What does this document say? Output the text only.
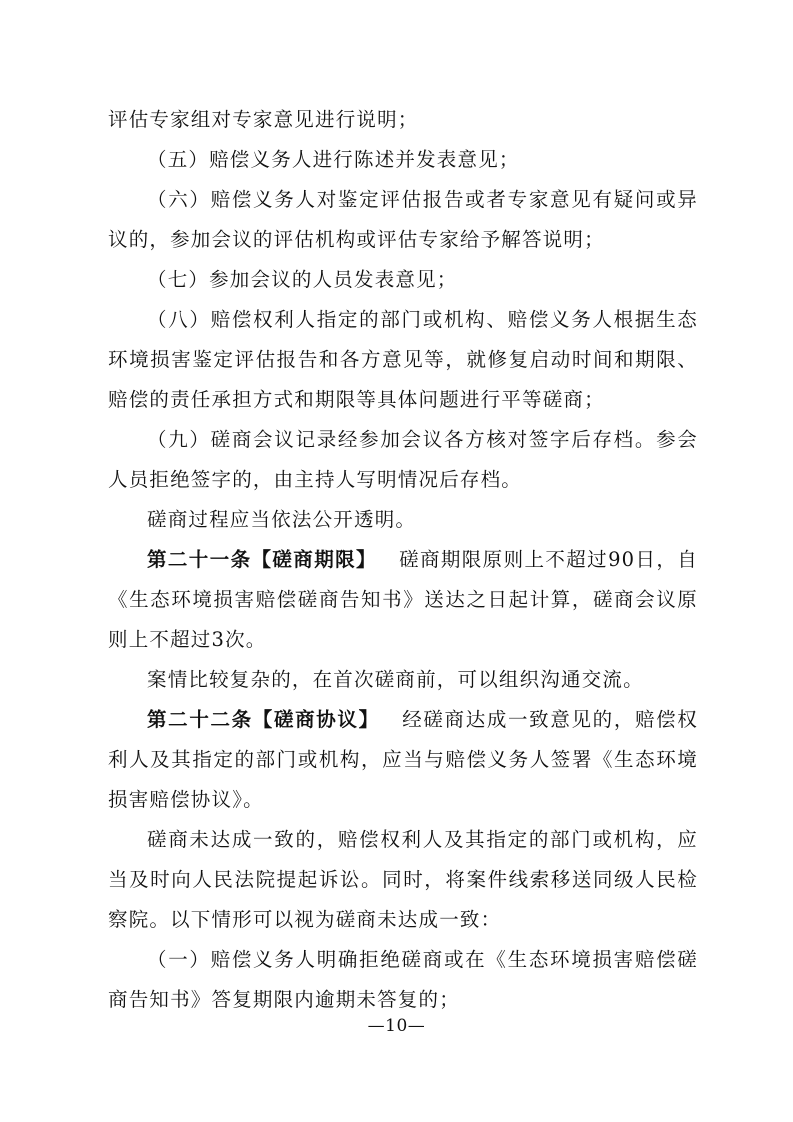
评估专家组对专家意见进行说明；

（五）赔偿义务人进行陈述并发表意见；

（六）赔偿义务人对鉴定评估报告或者专家意见有疑问或异议的，参加会议的评估机构或评估专家给予解答说明；

（七）参加会议的人员发表意见；

（八）赔偿权利人指定的部门或机构、赔偿义务人根据生态环境损害鉴定评估报告和各方意见等，就修复启动时间和期限、赔偿的责任承担方式和期限等具体问题进行平等磋商；

（九）磋商会议记录经参加会议各方核对签字后存档。参会人员拒绝签字的，由主持人写明情况后存档。

磋商过程应当依法公开透明。

第二十一条【磋商期限】 磋商期限原则上不超过90日，自《生态环境损害赔偿磋商告知书》送达之日起计算，磋商会议原则上不超过3次。

案情比较复杂的，在首次磋商前，可以组织沟通交流。

第二十二条【磋商协议】 经磋商达成一致意见的，赔偿权利人及其指定的部门或机构，应当与赔偿义务人签署《生态环境损害赔偿协议》。

磋商未达成一致的，赔偿权利人及其指定的部门或机构，应当及时向人民法院提起诉讼。同时，将案件线索移送同级人民检察院。以下情形可以视为磋商未达成一致：

（一）赔偿义务人明确拒绝磋商或在《生态环境损害赔偿磋商告知书》答复期限内逾期未答复的；

—10—
